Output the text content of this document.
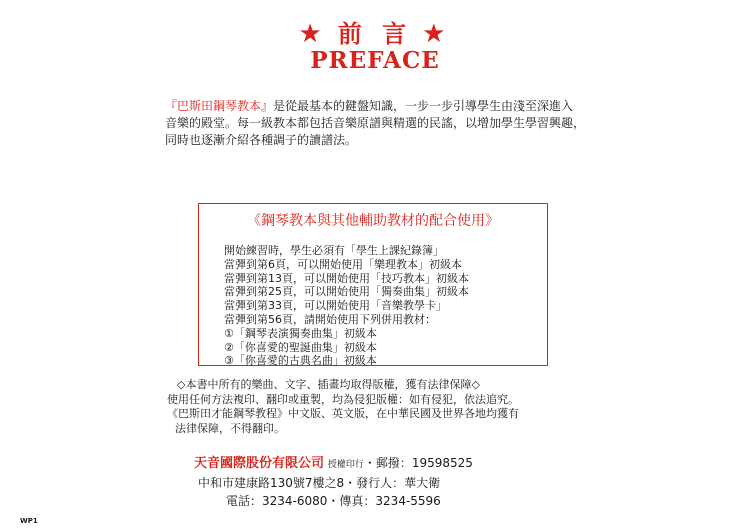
★ 前 言 ★
PREFACE
『巴斯田鋼琴教本』是從最基本的鍵盤知識，一步一步引導學生由淺至深進入
音樂的殿堂。每一級教本都包括音樂原譜與精選的民謠，以增加學生學習興趣，
同時也逐漸介紹各種調子的讀譜法。
《鋼琴教本與其他輔助教材的配合使用》
開始練習時，學生必須有「學生上課紀錄簿」
當彈到第6頁，可以開始使用「樂理教本」初級本
當彈到第13頁，可以開始使用「技巧教本」初級本
當彈到第25頁，可以開始使用「獨奏曲集」初級本
當彈到第33頁，可以開始使用「音樂教學卡」
當彈到第56頁，請開始使用下列併用教材：
①「鋼琴表演獨奏曲集」初級本
②「你喜愛的聖誕曲集」初級本
③「你喜愛的古典名曲」初級本
◇本書中所有的樂曲、文字、插畫均取得版權，獲有法律保障◇
使用任何方法複印、翻印或重製，均為侵犯版權：如有侵犯，依法追究。
《巴斯田才能鋼琴教程》中文版、英文版，在中華民國及世界各地均獲有
法律保障，不得翻印。
天音國際股份有限公司 授權印行・郵撥：19598525
中和市建康路130號7樓之8・發行人：華大衛
電話：3234-6080・傳真：3234-5596
WP1
